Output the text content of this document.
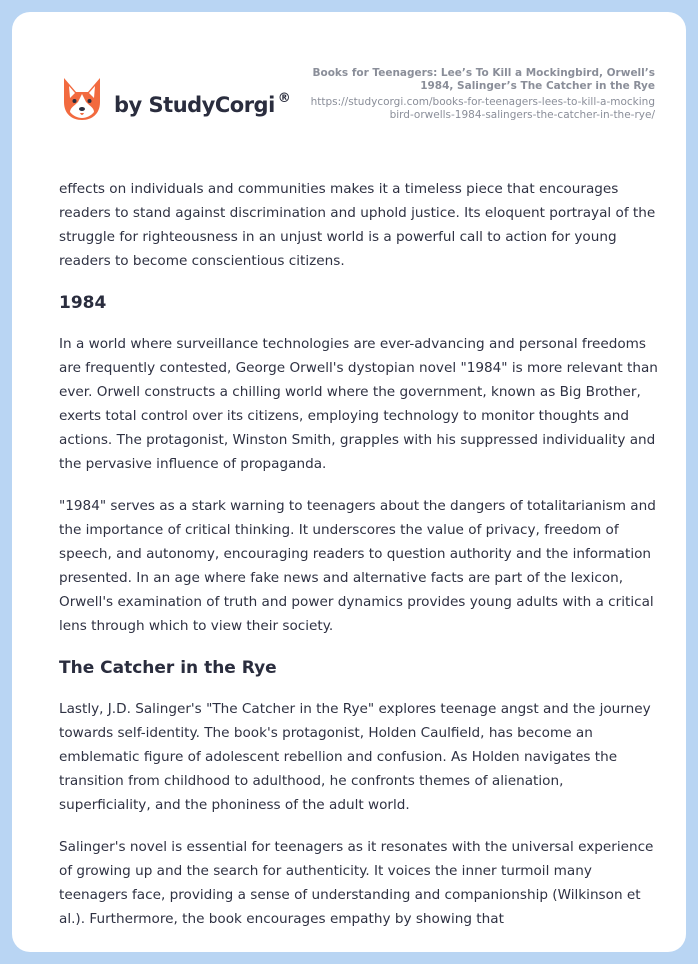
by StudyCorgi ®
Books for Teenagers: Lee’s To Kill a Mockingbird, Orwell’s 1984, Salinger’s The Catcher in the Rye
https://studycorgi.com/books-for-teenagers-lees-to-kill-a-mockingbird-orwells-1984-salingers-the-catcher-in-the-rye/

effects on individuals and communities makes it a timeless piece that encourages readers to stand against discrimination and uphold justice. Its eloquent portrayal of the struggle for righteousness in an unjust world is a powerful call to action for young readers to become conscientious citizens.

1984

In a world where surveillance technologies are ever-advancing and personal freedoms are frequently contested, George Orwell's dystopian novel "1984" is more relevant than ever. Orwell constructs a chilling world where the government, known as Big Brother, exerts total control over its citizens, employing technology to monitor thoughts and actions. The protagonist, Winston Smith, grapples with his suppressed individuality and the pervasive influence of propaganda.

"1984" serves as a stark warning to teenagers about the dangers of totalitarianism and the importance of critical thinking. It underscores the value of privacy, freedom of speech, and autonomy, encouraging readers to question authority and the information presented. In an age where fake news and alternative facts are part of the lexicon, Orwell's examination of truth and power dynamics provides young adults with a critical lens through which to view their society.

The Catcher in the Rye

Lastly, J.D. Salinger's "The Catcher in the Rye" explores teenage angst and the journey towards self-identity. The book's protagonist, Holden Caulfield, has become an emblematic figure of adolescent rebellion and confusion. As Holden navigates the transition from childhood to adulthood, he confronts themes of alienation, superficiality, and the phoniness of the adult world.

Salinger's novel is essential for teenagers as it resonates with the universal experience of growing up and the search for authenticity. It voices the inner turmoil many teenagers face, providing a sense of understanding and companionship (Wilkinson et al.). Furthermore, the book encourages empathy by showing that
